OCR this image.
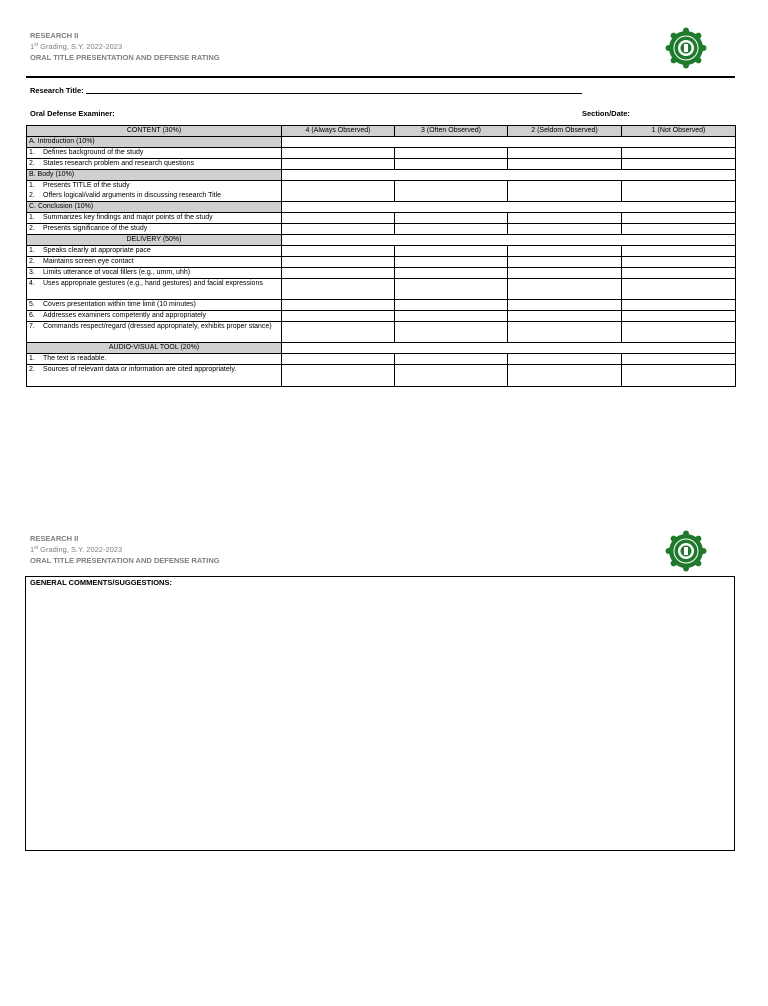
RESEARCH II
1st Grading, S.Y. 2022-2023
ORAL TITLE PRESENTATION AND DEFENSE RATING
Research Title:
Oral Defense Examiner:	Section/Date:
CONTENT (30%)	4 (Always Observed)	3 (Often Observed)	2 (Seldom Observed)	1 (Not Observed)
A. Introduction (10%)				
1. Defines background of the study				
2. States research problem and research questions				
B. Body (10%)				
1. Presents TITLE of the study
2. Offers logical/valid arguments in discussing research Title				
C. Conclusion (10%)				
1. Summarizes key findings and major points of the study				
2. Presents significance of the study				
DELIVERY (50%)				
1. Speaks clearly at appropriate pace				
2. Maintains screen eye contact				
3. Limits utterance of vocal fillers (e.g., umm, uhh)				
4. Uses appropriate gestures (e.g., hand gestures) and facial expressions				
5. Covers presentation within time limit (10 minutes)				
6. Addresses examiners competently and appropriately				
7. Commands respect/regard (dressed appropriately, exhibits proper stance)				
AUDIO-VISUAL TOOL (20%)				
1. The text is readable.				
2. Sources of relevant data or information are cited appropriately.				
RESEARCH II
1st Grading, S.Y. 2022-2023
ORAL TITLE PRESENTATION AND DEFENSE RATING
GENERAL COMMENTS/SUGGESTIONS:
